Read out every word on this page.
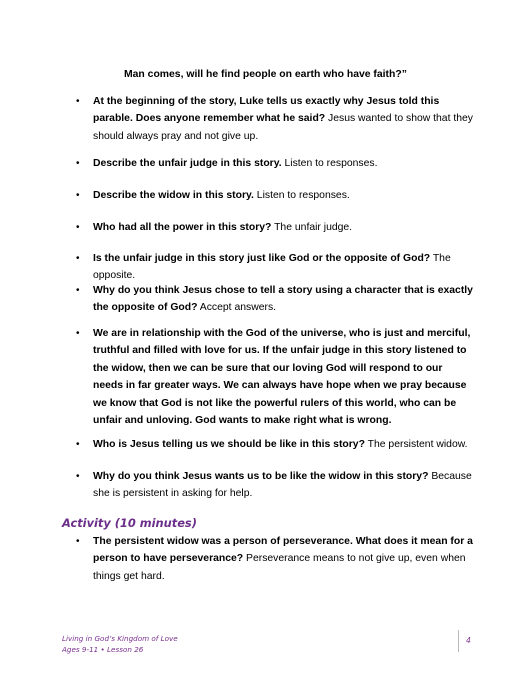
Man comes, will he find people on earth who have faith?”
• At the beginning of the story, Luke tells us exactly why Jesus told this parable. Does anyone remember what he said? Jesus wanted to show that they should always pray and not give up.
• Describe the unfair judge in this story. Listen to responses.
• Describe the widow in this story. Listen to responses.
• Who had all the power in this story? The unfair judge.
• Is the unfair judge in this story just like God or the opposite of God? The opposite.
• Why do you think Jesus chose to tell a story using a character that is exactly the opposite of God? Accept answers.
• We are in relationship with the God of the universe, who is just and merciful, truthful and filled with love for us. If the unfair judge in this story listened to the widow, then we can be sure that our loving God will respond to our needs in far greater ways. We can always have hope when we pray because we know that God is not like the powerful rulers of this world, who can be unfair and unloving. God wants to make right what is wrong.
• Who is Jesus telling us we should be like in this story? The persistent widow.
• Why do you think Jesus wants us to be like the widow in this story? Because she is persistent in asking for help.
Activity (10 minutes)
• The persistent widow was a person of perseverance. What does it mean for a person to have perseverance? Perseverance means to not give up, even when things get hard.
Living in God’s Kingdom of Love
Ages 9-11 • Lesson 26
4
